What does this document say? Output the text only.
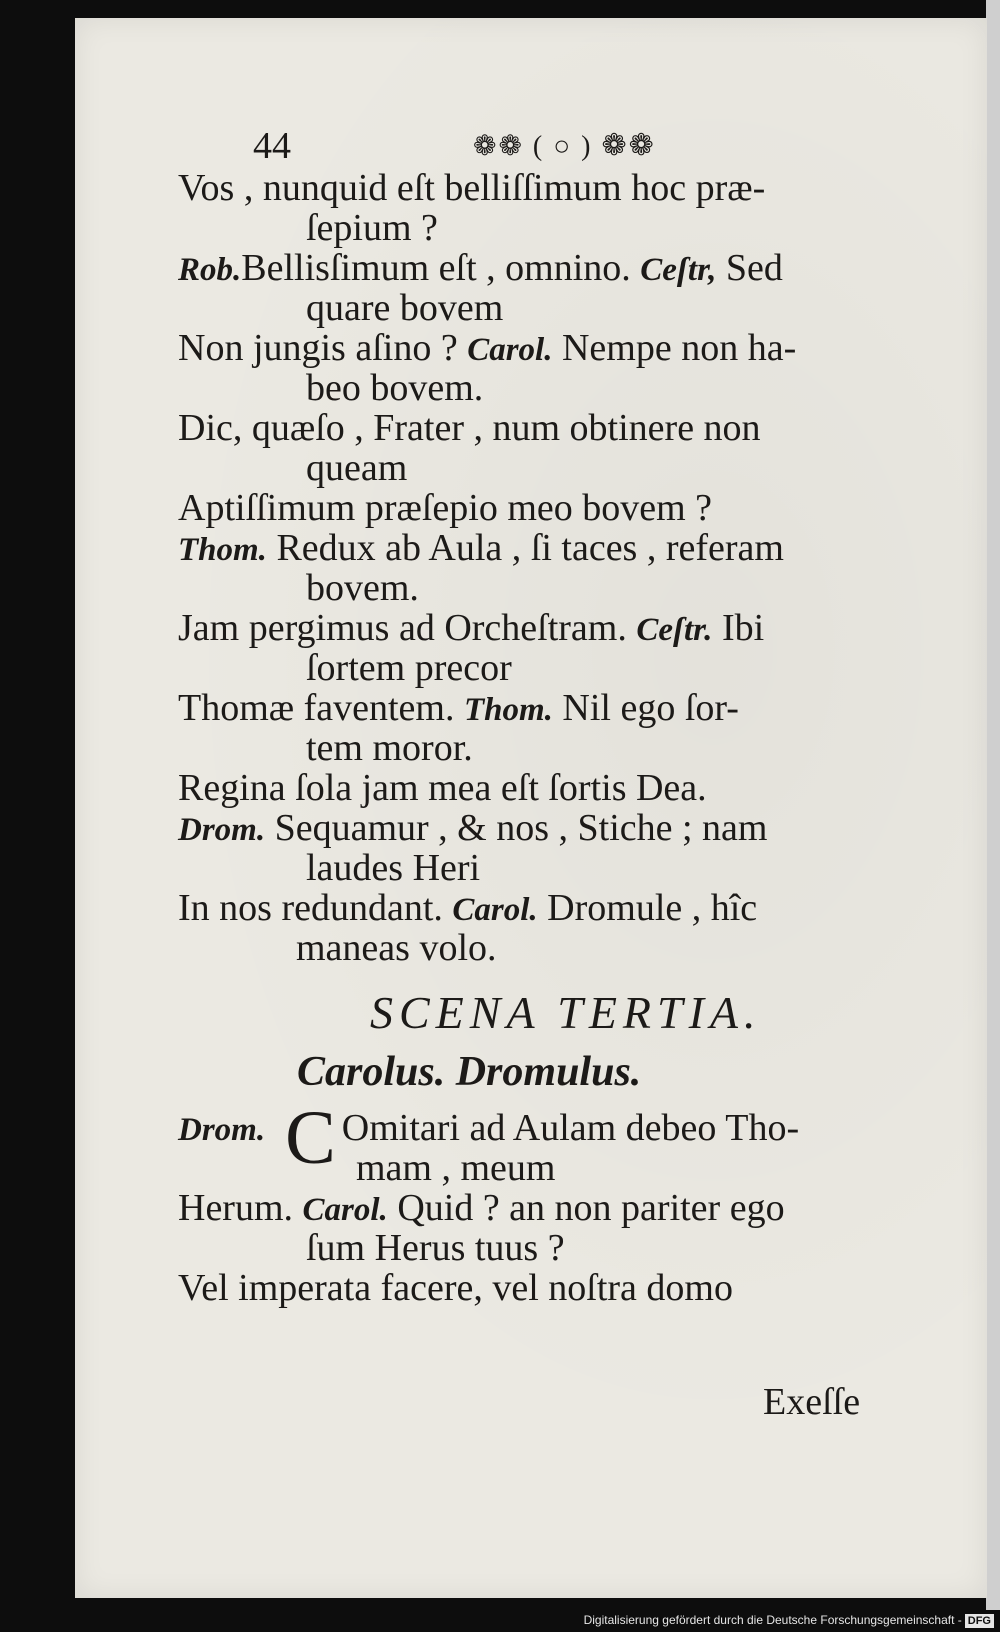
44	❁❁ ( ○ ) ❁❁
Vos , nunquid eſt belliſſimum hoc præ-
ſepium ?
Rob.Bellisſimum eſt , omnino. Ceſtr, Sed
quare bovem
Non jungis aſino ? Carol. Nempe non ha-
beo bovem.
Dic, quæſo , Frater , num obtinere non
queam
Aptiſſimum præſepio meo bovem ?
Thom. Redux ab Aula , ſi taces , referam
bovem.
Jam pergimus ad Orcheſtram. Ceſtr. Ibi
ſortem precor
Thomæ faventem. Thom. Nil ego ſor-
tem moror.
Regina ſola jam mea eſt ſortis Dea.
Drom. Sequamur , & nos , Stiche ; nam
laudes Heri
In nos redundant. Carol. Dromule , hîc
maneas volo.
SCENA TERTIA.
Carolus. Dromulus.
Drom. C Omitari ad Aulam debeo Tho-
mam , meum
Herum. Carol. Quid ? an non pariter ego
ſum Herus tuus ?
Vel imperata facere, vel noſtra domo
Exeſſe
Digitalisierung gefördert durch die Deutsche Forschungsgemeinschaft - DFG
